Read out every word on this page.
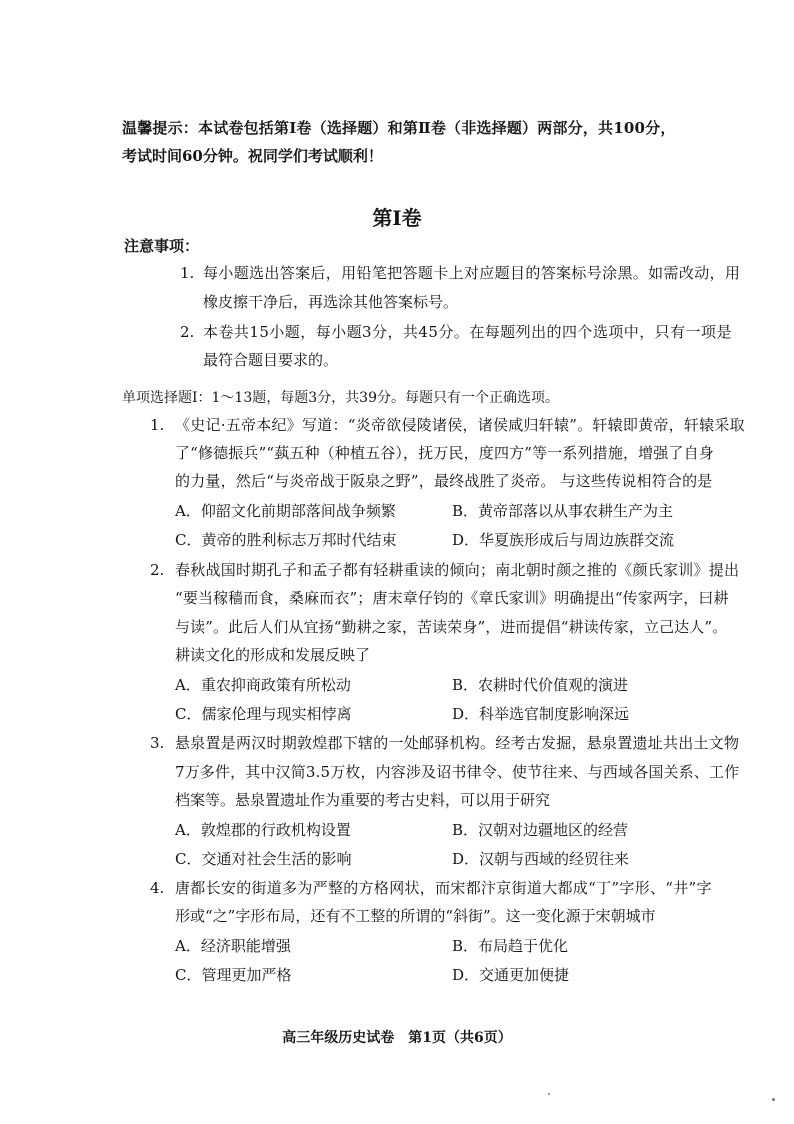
温馨提示：本试卷包括第Ⅰ卷（选择题）和第Ⅱ卷（非选择题）两部分，共100分，
考试时间60分钟。祝同学们考试顺利！
第Ⅰ卷
注意事项：
1. 每小题选出答案后，用铅笔把答题卡上对应题目的答案标号涂黑。如需改动，用
橡皮擦干净后，再选涂其他答案标号。
2. 本卷共15小题，每小题3分，共45分。在每题列出的四个选项中，只有一项是
最符合题目要求的。
单项选择题Ⅰ：1～13题，每题3分，共39分。每题只有一个正确选项。
1. 《史记·五帝本纪》写道：“炎帝欲侵陵诸侯，诸侯咸归轩辕”。轩辕即黄帝，轩辕采取
了“修德振兵”“蓺五种（种植五谷），抚万民，度四方”等一系列措施，增强了自身
的力量，然后“与炎帝战于阪泉之野”，最终战胜了炎帝。 与这些传说相符合的是
A．仰韶文化前期部落间战争频繁	B．黄帝部落以从事农耕生产为主
C．黄帝的胜利标志万邦时代结束	D．华夏族形成后与周边族群交流
2. 春秋战国时期孔子和孟子都有轻耕重读的倾向；南北朝时颜之推的《颜氏家训》提出
“要当稼穑而食，桑麻而衣”；唐末章仔钧的《章氏家训》明确提出“传家两字，曰耕
与读”。此后人们从宜扬“勤耕之家，苦读荣身”，进而提倡“耕读传家，立己达人”。
耕读文化的形成和发展反映了
A．重农抑商政策有所松动	B．农耕时代价值观的演进
C．儒家伦理与现实相悖离	D．科举选官制度影响深远
3. 悬泉置是两汉时期敦煌郡下辖的一处邮驿机构。经考古发掘，悬泉置遗址共出土文物
7万多件，其中汉简3.5万枚，内容涉及诏书律令、使节往来、与西域各国关系、工作
档案等。悬泉置遗址作为重要的考古史料，可以用于研究
A．敦煌郡的行政机构设置	B．汉朝对边疆地区的经营
C．交通对社会生活的影响	D．汉朝与西域的经贸往来
4. 唐都长安的街道多为严整的方格网状，而宋都汴京街道大都成“丁”字形、“井”字
形或“之”字形布局，还有不工整的所谓的“斜街”。这一变化源于宋朝城市
A．经济职能增强	B．布局趋于优化
C．管理更加严格	D．交通更加便捷
高三年级历史试卷　第1页（共6页）
